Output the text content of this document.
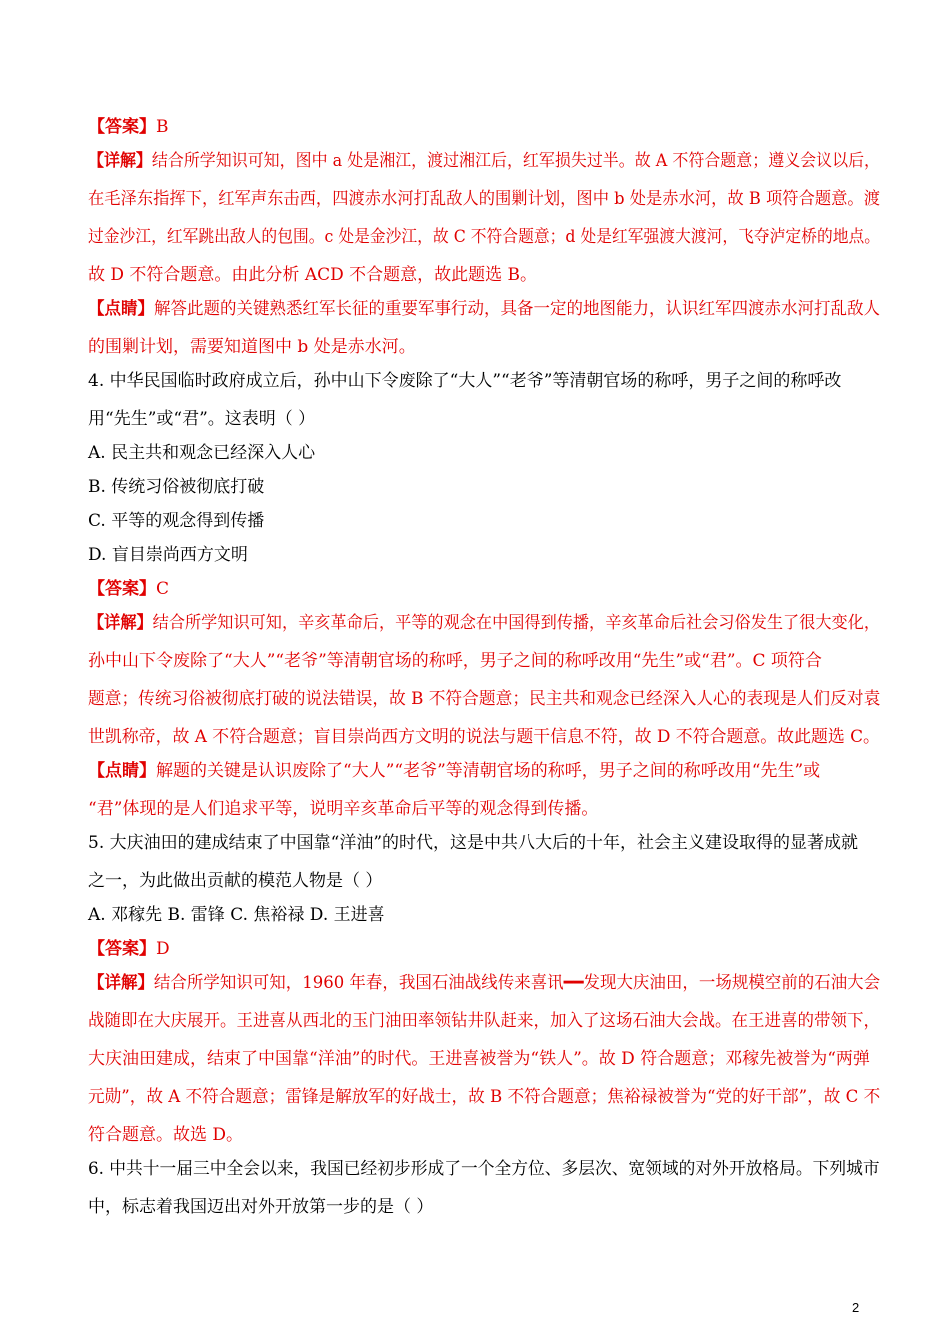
【答案】B
【详解】结合所学知识可知，图中 a 处是湘江，渡过湘江后，红军损失过半。故 A 不符合题意；遵义会议以后，
在毛泽东指挥下，红军声东击西，四渡赤水河打乱敌人的围剿计划，图中 b 处是赤水河，故 B 项符合题意。渡
过金沙江，红军跳出敌人的包围。c 处是金沙江，故 C 不符合题意；d 处是红军强渡大渡河，飞夺泸定桥的地点。
故 D 不符合题意。由此分析 ACD 不合题意，故此题选 B。
【点睛】解答此题的关键熟悉红军长征的重要军事行动，具备一定的地图能力，认识红军四渡赤水河打乱敌人
的围剿计划，需要知道图中 b 处是赤水河。
4. 中华民国临时政府成立后，孙中山下令废除了“大人”“老爷”等清朝官场的称呼，男子之间的称呼改
用“先生”或“君”。这表明（ ）
A. 民主共和观念已经深入人心
B. 传统习俗被彻底打破
C. 平等的观念得到传播
D. 盲目崇尚西方文明
【答案】C
【详解】结合所学知识可知，辛亥革命后，平等的观念在中国得到传播，辛亥革命后社会习俗发生了很大变化，
孙中山下令废除了“大人”“老爷”等清朝官场的称呼，男子之间的称呼改用“先生”或“君”。C 项符合
题意；传统习俗被彻底打破的说法错误，故 B 不符合题意；民主共和观念已经深入人心的表现是人们反对袁
世凯称帝，故 A 不符合题意；盲目崇尚西方文明的说法与题干信息不符，故 D 不符合题意。故此题选 C。
【点睛】解题的关键是认识废除了“大人”“老爷”等清朝官场的称呼，男子之间的称呼改用“先生”或
“君”体现的是人们追求平等，说明辛亥革命后平等的观念得到传播。
5. 大庆油田的建成结束了中国靠“洋油”的时代，这是中共八大后的十年，社会主义建设取得的显著成就
之一，为此做出贡献的模范人物是（ ）
A. 邓稼先 B. 雷锋 C. 焦裕禄 D. 王进喜
【答案】D
【详解】结合所学知识可知，1960 年春，我国石油战线传来喜讯━━发现大庆油田，一场规模空前的石油大会
战随即在大庆展开。王进喜从西北的玉门油田率领钻井队赶来，加入了这场石油大会战。在王进喜的带领下，
大庆油田建成，结束了中国靠“洋油”的时代。王进喜被誉为“铁人”。故 D 符合题意；邓稼先被誉为“两弹
元勋”，故 A 不符合题意；雷锋是解放军的好战士，故 B 不符合题意；焦裕禄被誉为“党的好干部”，故 C 不
符合题意。故选 D。
6. 中共十一届三中全会以来，我国已经初步形成了一个全方位、多层次、宽领域的对外开放格局。下列城市
中，标志着我国迈出对外开放第一步的是（ ）
2
